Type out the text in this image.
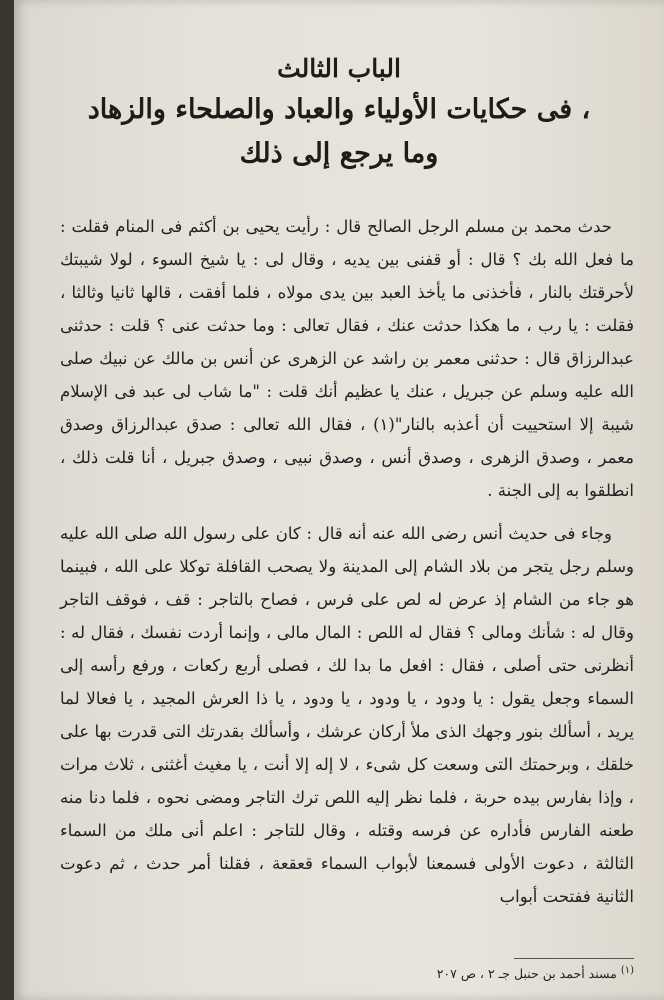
الباب الثالث
فى حكايات الأولياء والعباد والصلحاء والزهاد ،
وما يرجع إلى ذلك

حدث محمد بن مسلم الرجل الصالح قال : رأيت يحيى بن أكثم فى المنام فقلت : ما فعل الله بك ؟ قال : أو قفنى بين يديه ، وقال لى : يا شيخ السوء ، لولا شيبتك لأحرقتك بالنار ، فأخذنى ما يأخذ العبد بين يدى مولاه ، فلما أفقت ، قالها ثانيا وثالثا ، فقلت : يا رب ، ما هكذا حدثت عنك ، فقال تعالى : وما حدثت عنى ؟ قلت : حدثنى عبدالرزاق قال : حدثنى معمر بن راشد عن الزهرى عن أنس بن مالك عن نبيك صلى الله عليه وسلم عن جبريل ، عنك يا عظيم أنك قلت : "ما شاب لى عبد فى الإسلام شيبة إلا استحييت أن أعذبه بالنار"(١) ، فقال الله تعالى : صدق عبدالرزاق وصدق معمر ، وصدق الزهرى ، وصدق أنس ، وصدق نبيى ، وصدق جبريل ، أنا قلت ذلك ، انطلقوا به إلى الجنة .

وجاء فى حديث أنس رضى الله عنه أنه قال : كان على رسول الله صلى الله عليه وسلم رجل يتجر من بلاد الشام إلى المدينة ولا يصحب القافلة توكلا على الله ، فبينما هو جاء من الشام إذ عرض له لص على فرس ، فصاح بالتاجر : قف ، فوقف التاجر وقال له : شأنك ومالى ؟ فقال له اللص : المال مالى ، وإنما أردت نفسك ، فقال له : أنظرنى حتى أصلى ، فقال : افعل ما بدا لك ، فصلى أربع ركعات ، ورفع رأسه إلى السماء وجعل يقول : يا ودود ، يا ودود ، يا ودود ، يا ذا العرش المجيد ، يا فعالا لما يريد ، أسألك بنور وجهك الذى ملأ أركان عرشك ، وأسألك بقدرتك التى قدرت بها على خلقك ، وبرحمتك التى وسعت كل شىء ، لا إله إلا أنت ، يا مغيث أغثنى ، ثلاث مرات ، وإذا بفارس بيده حربة ، فلما نظر إليه اللص ترك التاجر ومضى نحوه ، فلما دنا منه طعنه الفارس فأداره عن فرسه وقتله ، وقال للتاجر : اعلم أنى ملك من السماء الثالثة ، دعوت الأولى فسمعنا لأبواب السماء قعقعة ، فقلنا أمر حدث ، ثم دعوت الثانية ففتحت أبواب

$^{(١)}$ مسند أحمد بن حنبل جـ ٢ ، ص ٢٠٧
